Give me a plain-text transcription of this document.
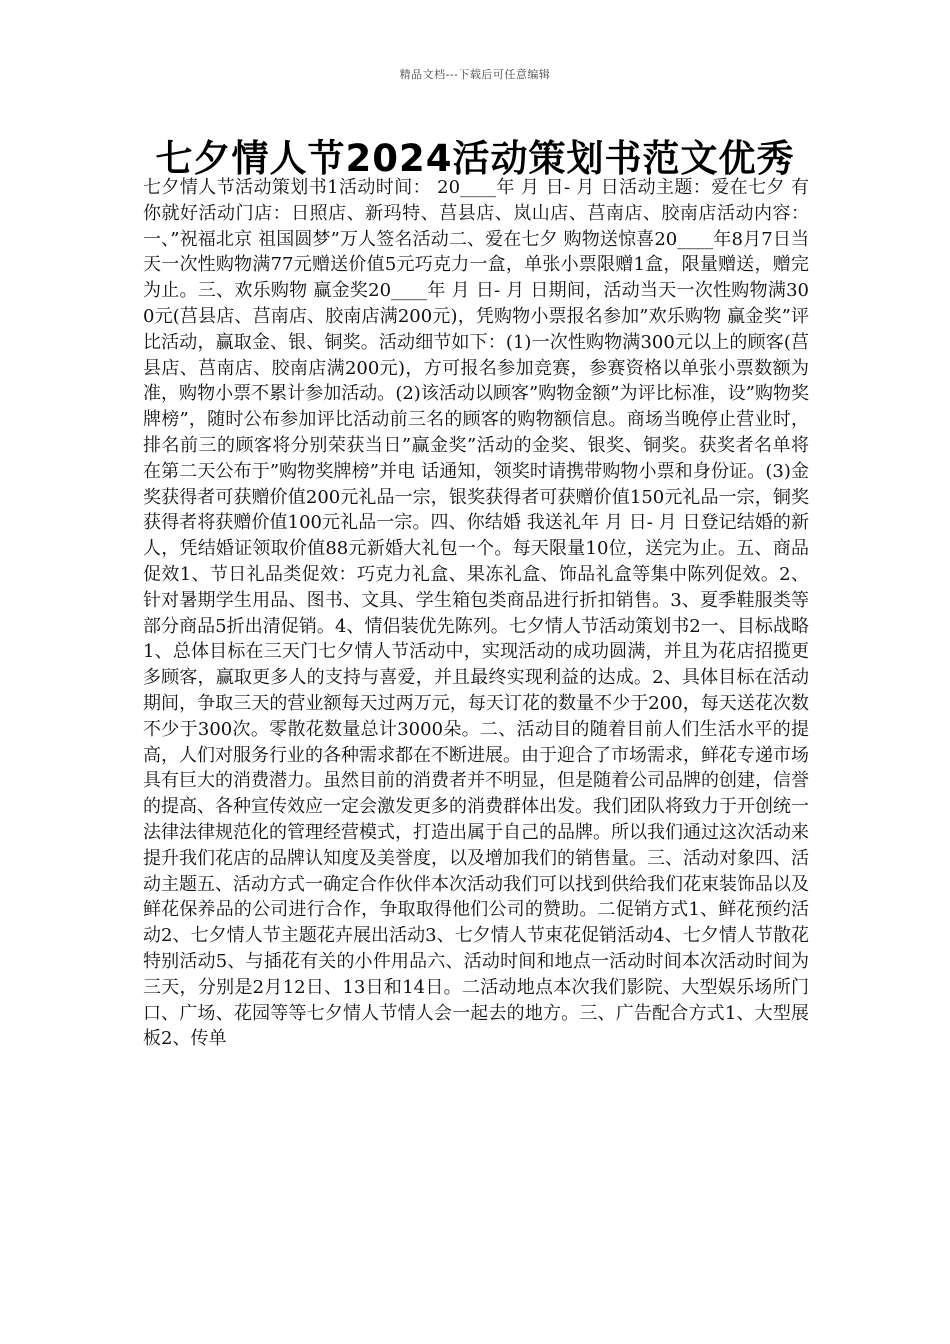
精品文档---下载后可任意编辑
七夕情人节2024活动策划书范文优秀

七夕情人节活动策划书1活动时间： 20____年 月 日- 月 日活动主题：爱在七夕 有你就好活动门店：日照店、新玛特、莒县店、岚山店、莒南店、胶南店活动内容：一、”祝福北京 祖国圆梦”万人签名活动二、爱在七夕 购物送惊喜20____年8月7日当天一次性购物满77元赠送价值5元巧克力一盒，单张小票限赠1盒，限量赠送，赠完为止。三、欢乐购物 赢金奖20____年 月 日- 月 日期间，活动当天一次性购物满300元(莒县店、莒南店、胶南店满200元)，凭购物小票报名参加”欢乐购物 赢金奖”评比活动，赢取金、银、铜奖。活动细节如下：(1)一次性购物满300元以上的顾客(莒县店、莒南店、胶南店满200元)，方可报名参加竞赛，参赛资格以单张小票数额为准，购物小票不累计参加活动。(2)该活动以顾客”购物金额”为评比标准，设”购物奖牌榜”，随时公布参加评比活动前三名的顾客的购物额信息。商场当晚停止营业时，排名前三的顾客将分别荣获当日”赢金奖”活动的金奖、银奖、铜奖。获奖者名单将在第二天公布于”购物奖牌榜”并电 话通知，领奖时请携带购物小票和身份证。(3)金奖获得者可获赠价值200元礼品一宗，银奖获得者可获赠价值150元礼品一宗，铜奖获得者将获赠价值100元礼品一宗。四、你结婚 我送礼年 月 日- 月 日登记结婚的新人，凭结婚证领取价值88元新婚大礼包一个。每天限量10位，送完为止。五、商品促效1、节日礼品类促效：巧克力礼盒、果冻礼盒、饰品礼盒等集中陈列促效。2、针对暑期学生用品、图书、文具、学生箱包类商品进行折扣销售。3、夏季鞋服类等部分商品5折出清促销。4、情侣装优先陈列。七夕情人节活动策划书2一、目标战略1、总体目标在三天门七夕情人节活动中，实现活动的成功圆满，并且为花店招揽更多顾客，赢取更多人的支持与喜爱，并且最终实现利益的达成。2、具体目标在活动期间，争取三天的营业额每天过两万元，每天订花的数量不少于200，每天送花次数不少于300次。零散花数量总计3000朵。二、活动目的随着目前人们生活水平的提高，人们对服务行业的各种需求都在不断进展。由于迎合了市场需求，鲜花专递市场具有巨大的消费潜力。虽然目前的消费者并不明显，但是随着公司品牌的创建，信誉的提高、各种宣传效应一定会激发更多的消费群体出发。我们团队将致力于开创统一法律法律规范化的管理经营模式，打造出属于自己的品牌。所以我们通过这次活动来提升我们花店的品牌认知度及美誉度，以及增加我们的销售量。三、活动对象四、活动主题五、活动方式一确定合作伙伴本次活动我们可以找到供给我们花束装饰品以及鲜花保养品的公司进行合作，争取取得他们公司的赞助。二促销方式1、鲜花预约活动2、七夕情人节主题花卉展出活动3、七夕情人节束花促销活动4、七夕情人节散花特别活动5、与插花有关的小件用品六、活动时间和地点一活动时间本次活动时间为三天，分别是2月12日、13日和14日。二活动地点本次我们影院、大型娱乐场所门口、广场、花园等等七夕情人节情人会一起去的地方。三、广告配合方式1、大型展板2、传单
